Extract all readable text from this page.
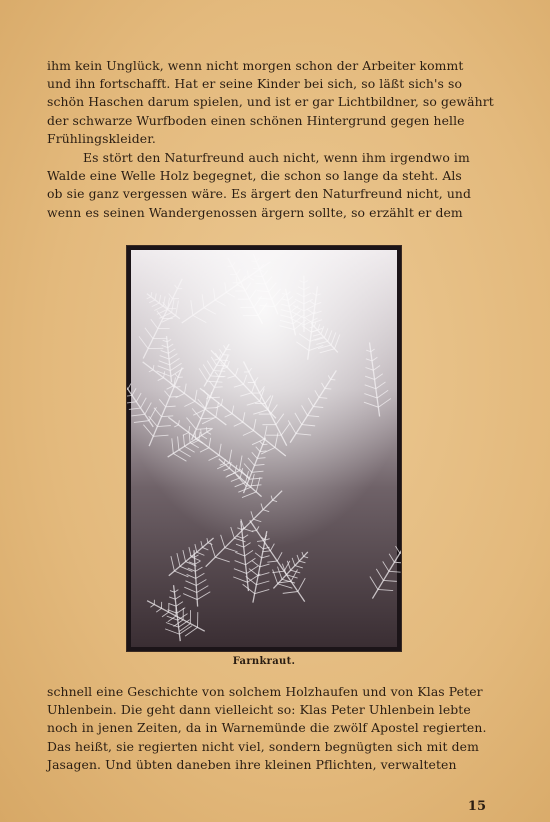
ihm kein Unglück, wenn nicht morgen schon der Arbeiter kommt
und ihn fortschafft. Hat er seine Kinder bei sich, so läßt sich's so
schön Haschen darum spielen, und ist er gar Lichtbildner, so gewährt
der schwarze Wurfboden einen schönen Hintergrund gegen helle
Frühlingskleider.
Es stört den Naturfreund auch nicht, wenn ihm irgendwo im
Walde eine Welle Holz begegnet, die schon so lange da steht. Als
ob sie ganz vergessen wäre. Es ärgert den Naturfreund nicht, und
wenn es seinen Wandergenossen ärgern sollte, so erzählt er dem
Farnkraut.
schnell eine Geschichte von solchem Holzhaufen und von Klas Peter
Uhlenbein. Die geht dann vielleicht so: Klas Peter Uhlenbein lebte
noch in jenen Zeiten, da in Warnemünde die zwölf Apostel regierten.
Das heißt, sie regierten nicht viel, sondern begnügten sich mit dem
Jasagen. Und übten daneben ihre kleinen Pflichten, verwalteten
15
